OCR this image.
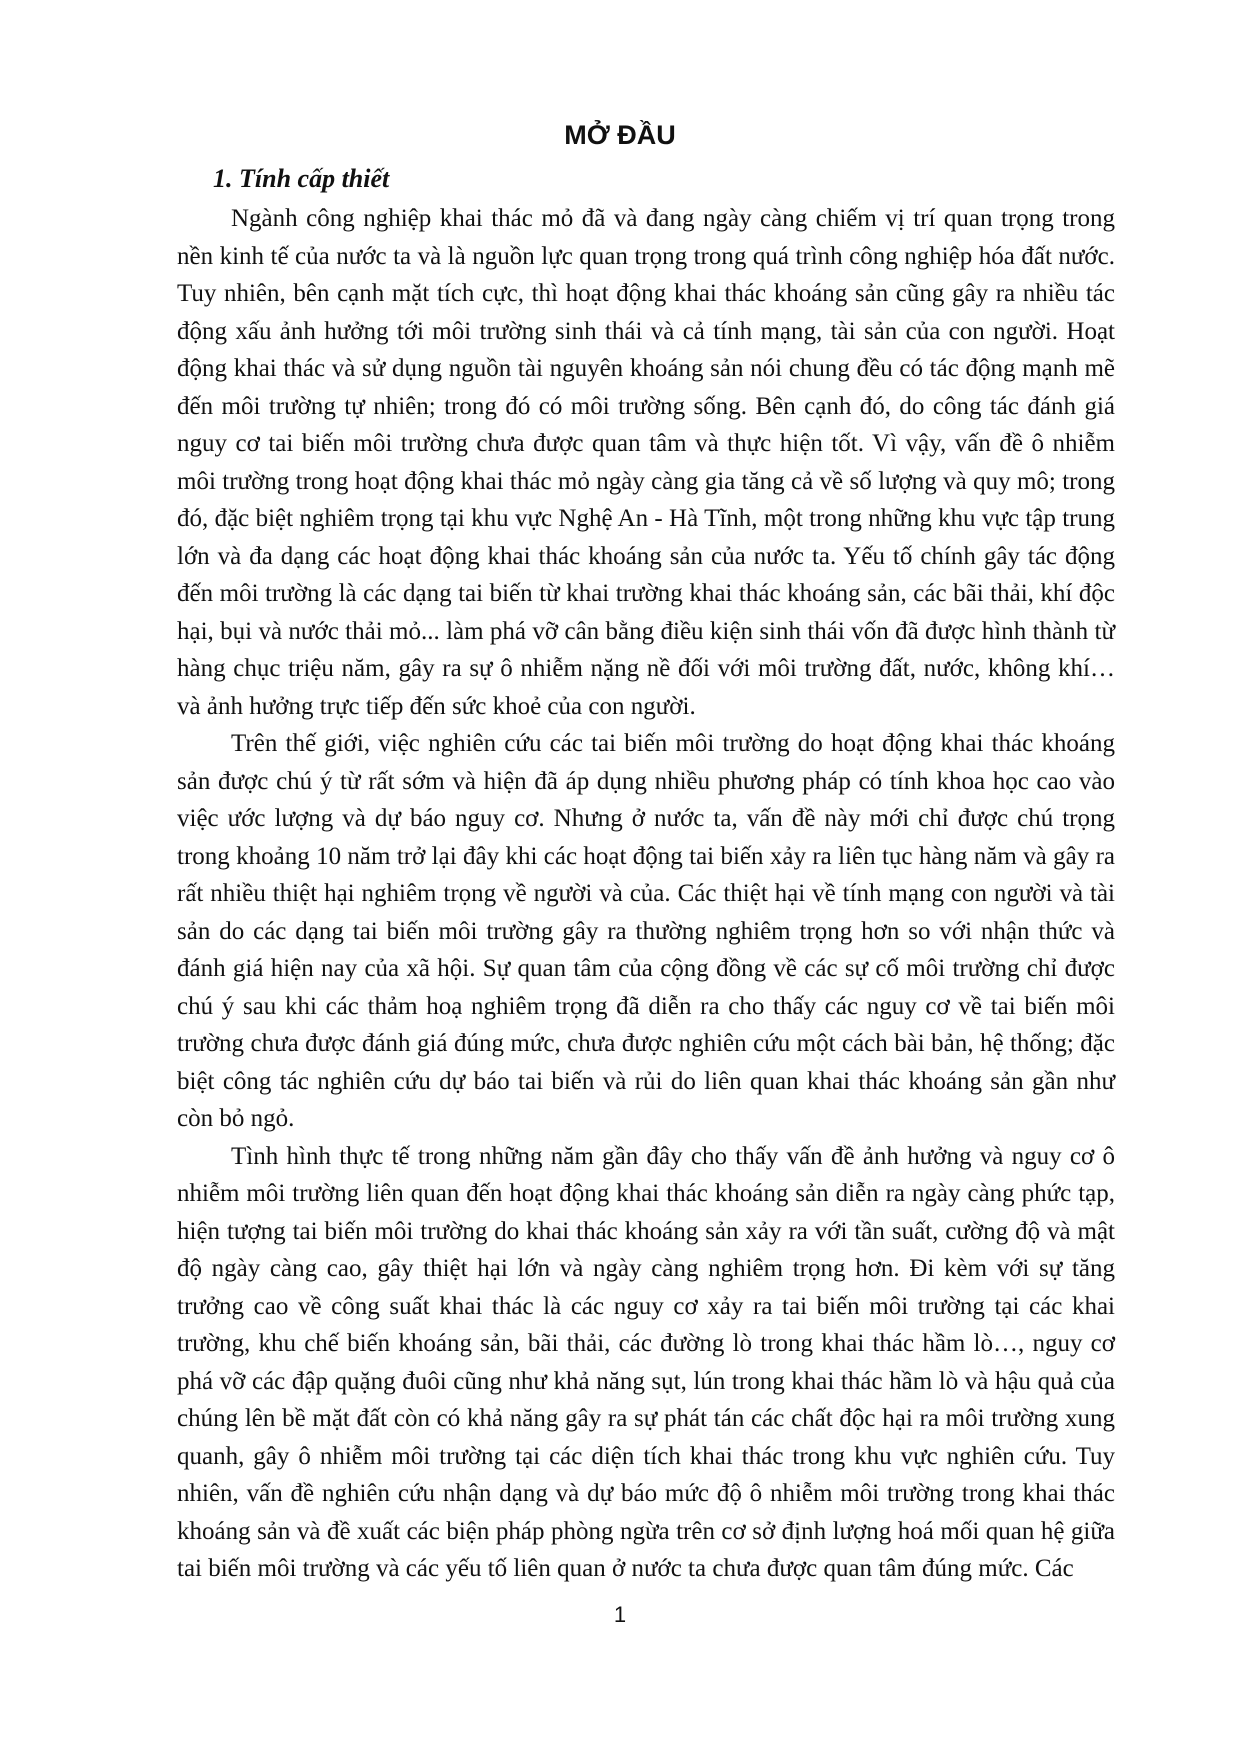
MỞ ĐẦU
1. Tính cấp thiết

Ngành công nghiệp khai thác mỏ đã và đang ngày càng chiếm vị trí quan trọng trong nền kinh tế của nước ta và là nguồn lực quan trọng trong quá trình công nghiệp hóa đất nước. Tuy nhiên, bên cạnh mặt tích cực, thì hoạt động khai thác khoáng sản cũng gây ra nhiều tác động xấu ảnh hưởng tới môi trường sinh thái và cả tính mạng, tài sản của con người. Hoạt động khai thác và sử dụng nguồn tài nguyên khoáng sản nói chung đều có tác động mạnh mẽ đến môi trường tự nhiên; trong đó có môi trường sống. Bên cạnh đó, do công tác đánh giá nguy cơ tai biến môi trường chưa được quan tâm và thực hiện tốt. Vì vậy, vấn đề ô nhiễm môi trường trong hoạt động khai thác mỏ ngày càng gia tăng cả về số lượng và quy mô; trong đó, đặc biệt nghiêm trọng tại khu vực Nghệ An - Hà Tĩnh, một trong những khu vực tập trung lớn và đa dạng các hoạt động khai thác khoáng sản của nước ta. Yếu tố chính gây tác động đến môi trường là các dạng tai biến từ khai trường khai thác khoáng sản, các bãi thải, khí độc hại, bụi và nước thải mỏ... làm phá vỡ cân bằng điều kiện sinh thái vốn đã được hình thành từ hàng chục triệu năm, gây ra sự ô nhiễm nặng nề đối với môi trường đất, nước, không khí… và ảnh hưởng trực tiếp đến sức khoẻ của con người.

Trên thế giới, việc nghiên cứu các tai biến môi trường do hoạt động khai thác khoáng sản được chú ý từ rất sớm và hiện đã áp dụng nhiều phương pháp có tính khoa học cao vào việc ước lượng và dự báo nguy cơ. Nhưng ở nước ta, vấn đề này mới chỉ được chú trọng trong khoảng 10 năm trở lại đây khi các hoạt động tai biến xảy ra liên tục hàng năm và gây ra rất nhiều thiệt hại nghiêm trọng về người và của. Các thiệt hại về tính mạng con người và tài sản do các dạng tai biến môi trường gây ra thường nghiêm trọng hơn so với nhận thức và đánh giá hiện nay của xã hội. Sự quan tâm của cộng đồng về các sự cố môi trường chỉ được chú ý sau khi các thảm hoạ nghiêm trọng đã diễn ra cho thấy các nguy cơ về tai biến môi trường chưa được đánh giá đúng mức, chưa được nghiên cứu một cách bài bản, hệ thống; đặc biệt công tác nghiên cứu dự báo tai biến và rủi do liên quan khai thác khoáng sản gần như còn bỏ ngỏ.

Tình hình thực tế trong những năm gần đây cho thấy vấn đề ảnh hưởng và nguy cơ ô nhiễm môi trường liên quan đến hoạt động khai thác khoáng sản diễn ra ngày càng phức tạp, hiện tượng tai biến môi trường do khai thác khoáng sản xảy ra với tần suất, cường độ và mật độ ngày càng cao, gây thiệt hại lớn và ngày càng nghiêm trọng hơn. Đi kèm với sự tăng trưởng cao về công suất khai thác là các nguy cơ xảy ra tai biến môi trường tại các khai trường, khu chế biến khoáng sản, bãi thải, các đường lò trong khai thác hầm lò…, nguy cơ phá vỡ các đập quặng đuôi cũng như khả năng sụt, lún trong khai thác hầm lò và hậu quả của chúng lên bề mặt đất còn có khả năng gây ra sự phát tán các chất độc hại ra môi trường xung quanh, gây ô nhiễm môi trường tại các diện tích khai thác trong khu vực nghiên cứu. Tuy nhiên, vấn đề nghiên cứu nhận dạng và dự báo mức độ ô nhiễm môi trường trong khai thác khoáng sản và đề xuất các biện pháp phòng ngừa trên cơ sở định lượng hoá mối quan hệ giữa tai biến môi trường và các yếu tố liên quan ở nước ta chưa được quan tâm đúng mức. Các

1
